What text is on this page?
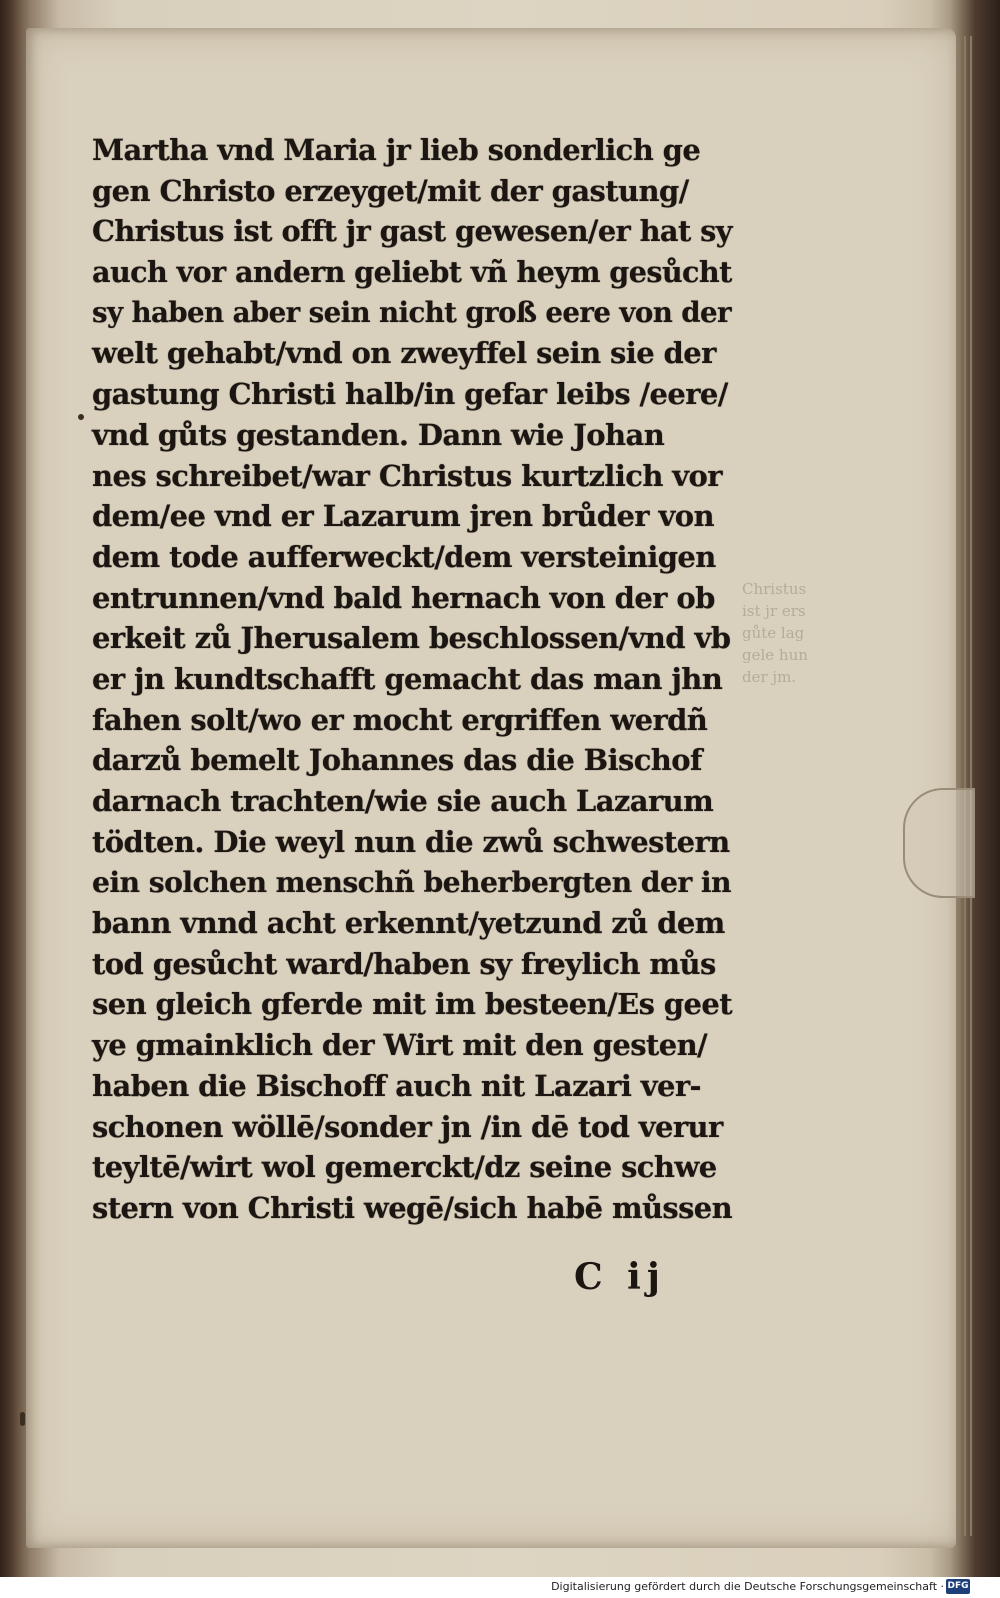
Christus
ist jr ers
gůte lag
gele hun
der jm.
Martha vnd Maria jr lieb sonderlich ge
gen Christo erzeyget/mit der gastung/
Christus ist offt jr gast gewesen/er hat sy
auch vor andern geliebt vñ heym gesůcht
sy haben aber sein nicht groß eere von der
welt gehabt/vnd on zweyffel sein sie der
gastung Christi halb/in gefar leibs /eere/
vnd gůts gestanden. Dann wie Johan
nes schreibet/war Christus kurtzlich vor
dem/ee vnd er Lazarum jren brůder von
dem tode aufferweckt/dem versteinigen
entrunnen/vnd bald hernach von der ob
erkeit zů Jherusalem beschlossen/vnd vb
er jn kundtschafft gemacht das man jhn
fahen solt/wo er mocht ergriffen werdñ
darzů bemelt Johannes das die Bischof
darnach trachten/wie sie auch Lazarum
tödten. Die weyl nun die zwů schwestern
ein solchen menschñ beherbergten der in
bann vnnd acht erkennt/yetzund zů dem
tod gesůcht ward/haben sy freylich můs
sen gleich gferde mit im besteen/Es geet
ye gmainklich der Wirt mit den gesten/
haben die Bischoff auch nit Lazari ver-
schonen wöllē/sonder jn /in dē tod verur
teyltē/wirt wol gemerckt/dz seine schwe
stern von Christi wegē/sich habē můssen
C ij
Digitalisierung gefördert durch die Deutsche Forschungsgemeinschaft · DFG
